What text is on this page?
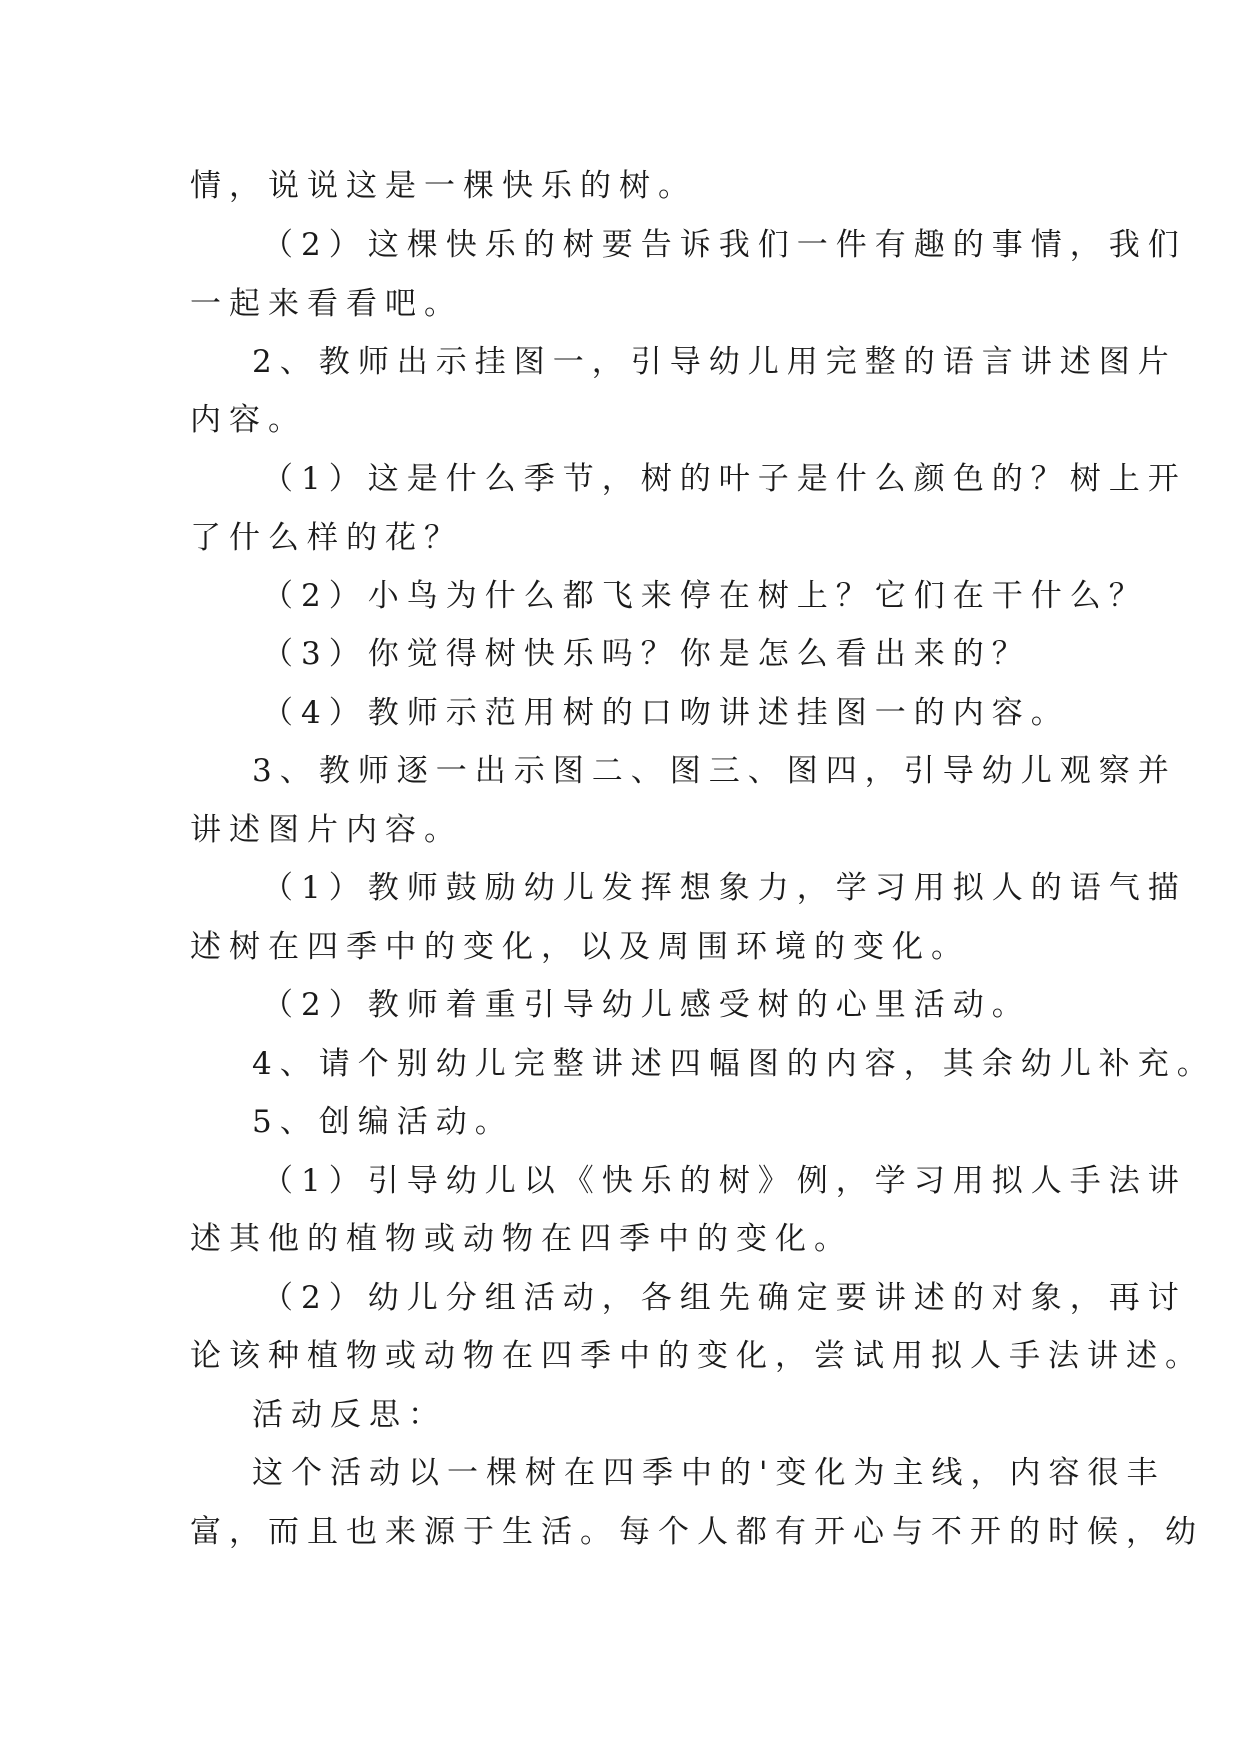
情，说说这是一棵快乐的树。
（2）这棵快乐的树要告诉我们一件有趣的事情，我们
一起来看看吧。
2、教师出示挂图一，引导幼儿用完整的语言讲述图片
内容。
（1）这是什么季节，树的叶子是什么颜色的？树上开
了什么样的花？
（2）小鸟为什么都飞来停在树上？它们在干什么？
（3）你觉得树快乐吗？你是怎么看出来的？
（4）教师示范用树的口吻讲述挂图一的内容。
3、教师逐一出示图二、图三、图四，引导幼儿观察并
讲述图片内容。
（1）教师鼓励幼儿发挥想象力，学习用拟人的语气描
述树在四季中的变化，以及周围环境的变化。
（2）教师着重引导幼儿感受树的心里活动。
4、请个别幼儿完整讲述四幅图的内容，其余幼儿补充。
5、创编活动。
（1）引导幼儿以《快乐的树》例，学习用拟人手法讲
述其他的植物或动物在四季中的变化。
（2）幼儿分组活动，各组先确定要讲述的对象，再讨
论该种植物或动物在四季中的变化，尝试用拟人手法讲述。
活动反思：
这个活动以一棵树在四季中的'变化为主线，内容很丰
富，而且也来源于生活。每个人都有开心与不开的时候，幼
